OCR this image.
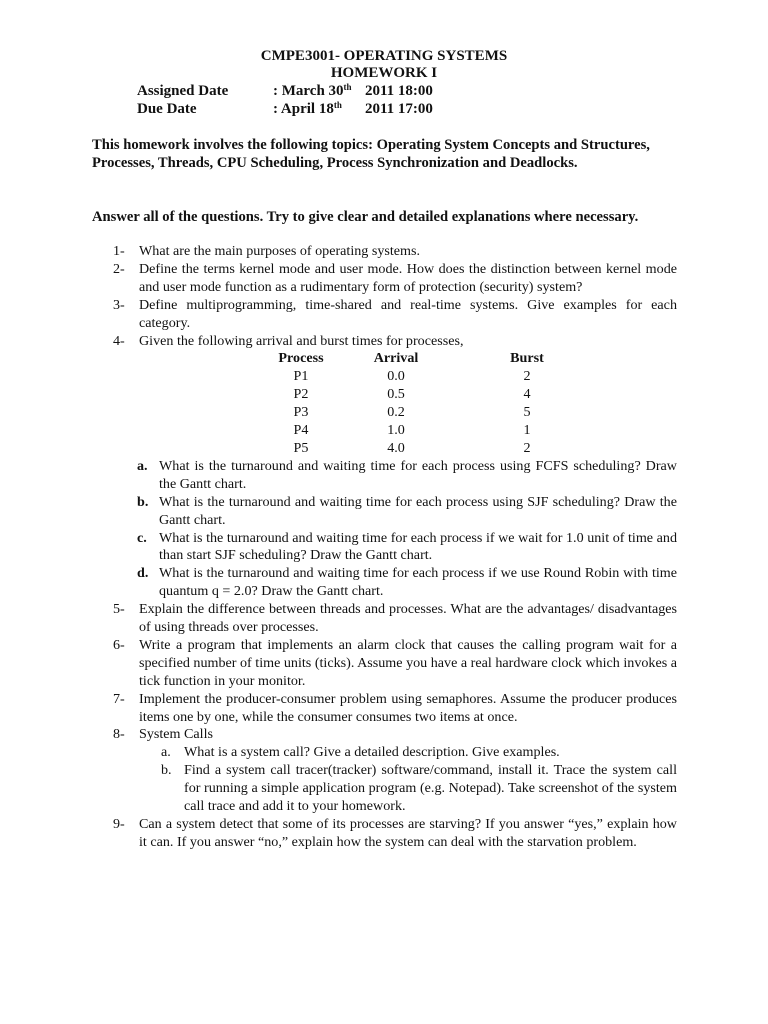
CMPE3001- OPERATING SYSTEMS
HOMEWORK I
Assigned Date	: March 30th 2011 18:00
Due Date	: April 18th 2011 17:00
This homework involves the following topics: Operating System Concepts and Structures, Processes, Threads, CPU Scheduling, Process Synchronization and Deadlocks.
Answer all of the questions. Try to give clear and detailed explanations where necessary.
1- What are the main purposes of operating systems.
2- Define the terms kernel mode and user mode. How does the distinction between kernel mode and user mode function as a rudimentary form of protection (security) system?
3- Define multiprogramming, time-shared and real-time systems. Give examples for each category.
4- Given the following arrival and burst times for processes,
Process	Arrival	Burst
P1	0.0	2
P2	0.5	4
P3	0.2	5
P4	1.0	1
P5	4.0	2
a. What is the turnaround and waiting time for each process using FCFS scheduling? Draw the Gantt chart.
b. What is the turnaround and waiting time for each process using SJF scheduling? Draw the Gantt chart.
c. What is the turnaround and waiting time for each process if we wait for 1.0 unit of time and than start SJF scheduling? Draw the Gantt chart.
d. What is the turnaround and waiting time for each process if we use Round Robin with time quantum q = 2.0? Draw the Gantt chart.
5- Explain the difference between threads and processes. What are the advantages/ disadvantages of using threads over processes.
6- Write a program that implements an alarm clock that causes the calling program wait for a specified number of time units (ticks). Assume you have a real hardware clock which invokes a tick function in your monitor.
7- Implement the producer-consumer problem using semaphores. Assume the producer produces items one by one, while the consumer consumes two items at once.
8- System Calls
a. What is a system call? Give a detailed description. Give examples.
b. Find a system call tracer(tracker) software/command, install it. Trace the system call for running a simple application program (e.g. Notepad). Take screenshot of the system call trace and add it to your homework.
9- Can a system detect that some of its processes are starving? If you answer “yes,” explain how it can. If you answer “no,” explain how the system can deal with the starvation problem.
